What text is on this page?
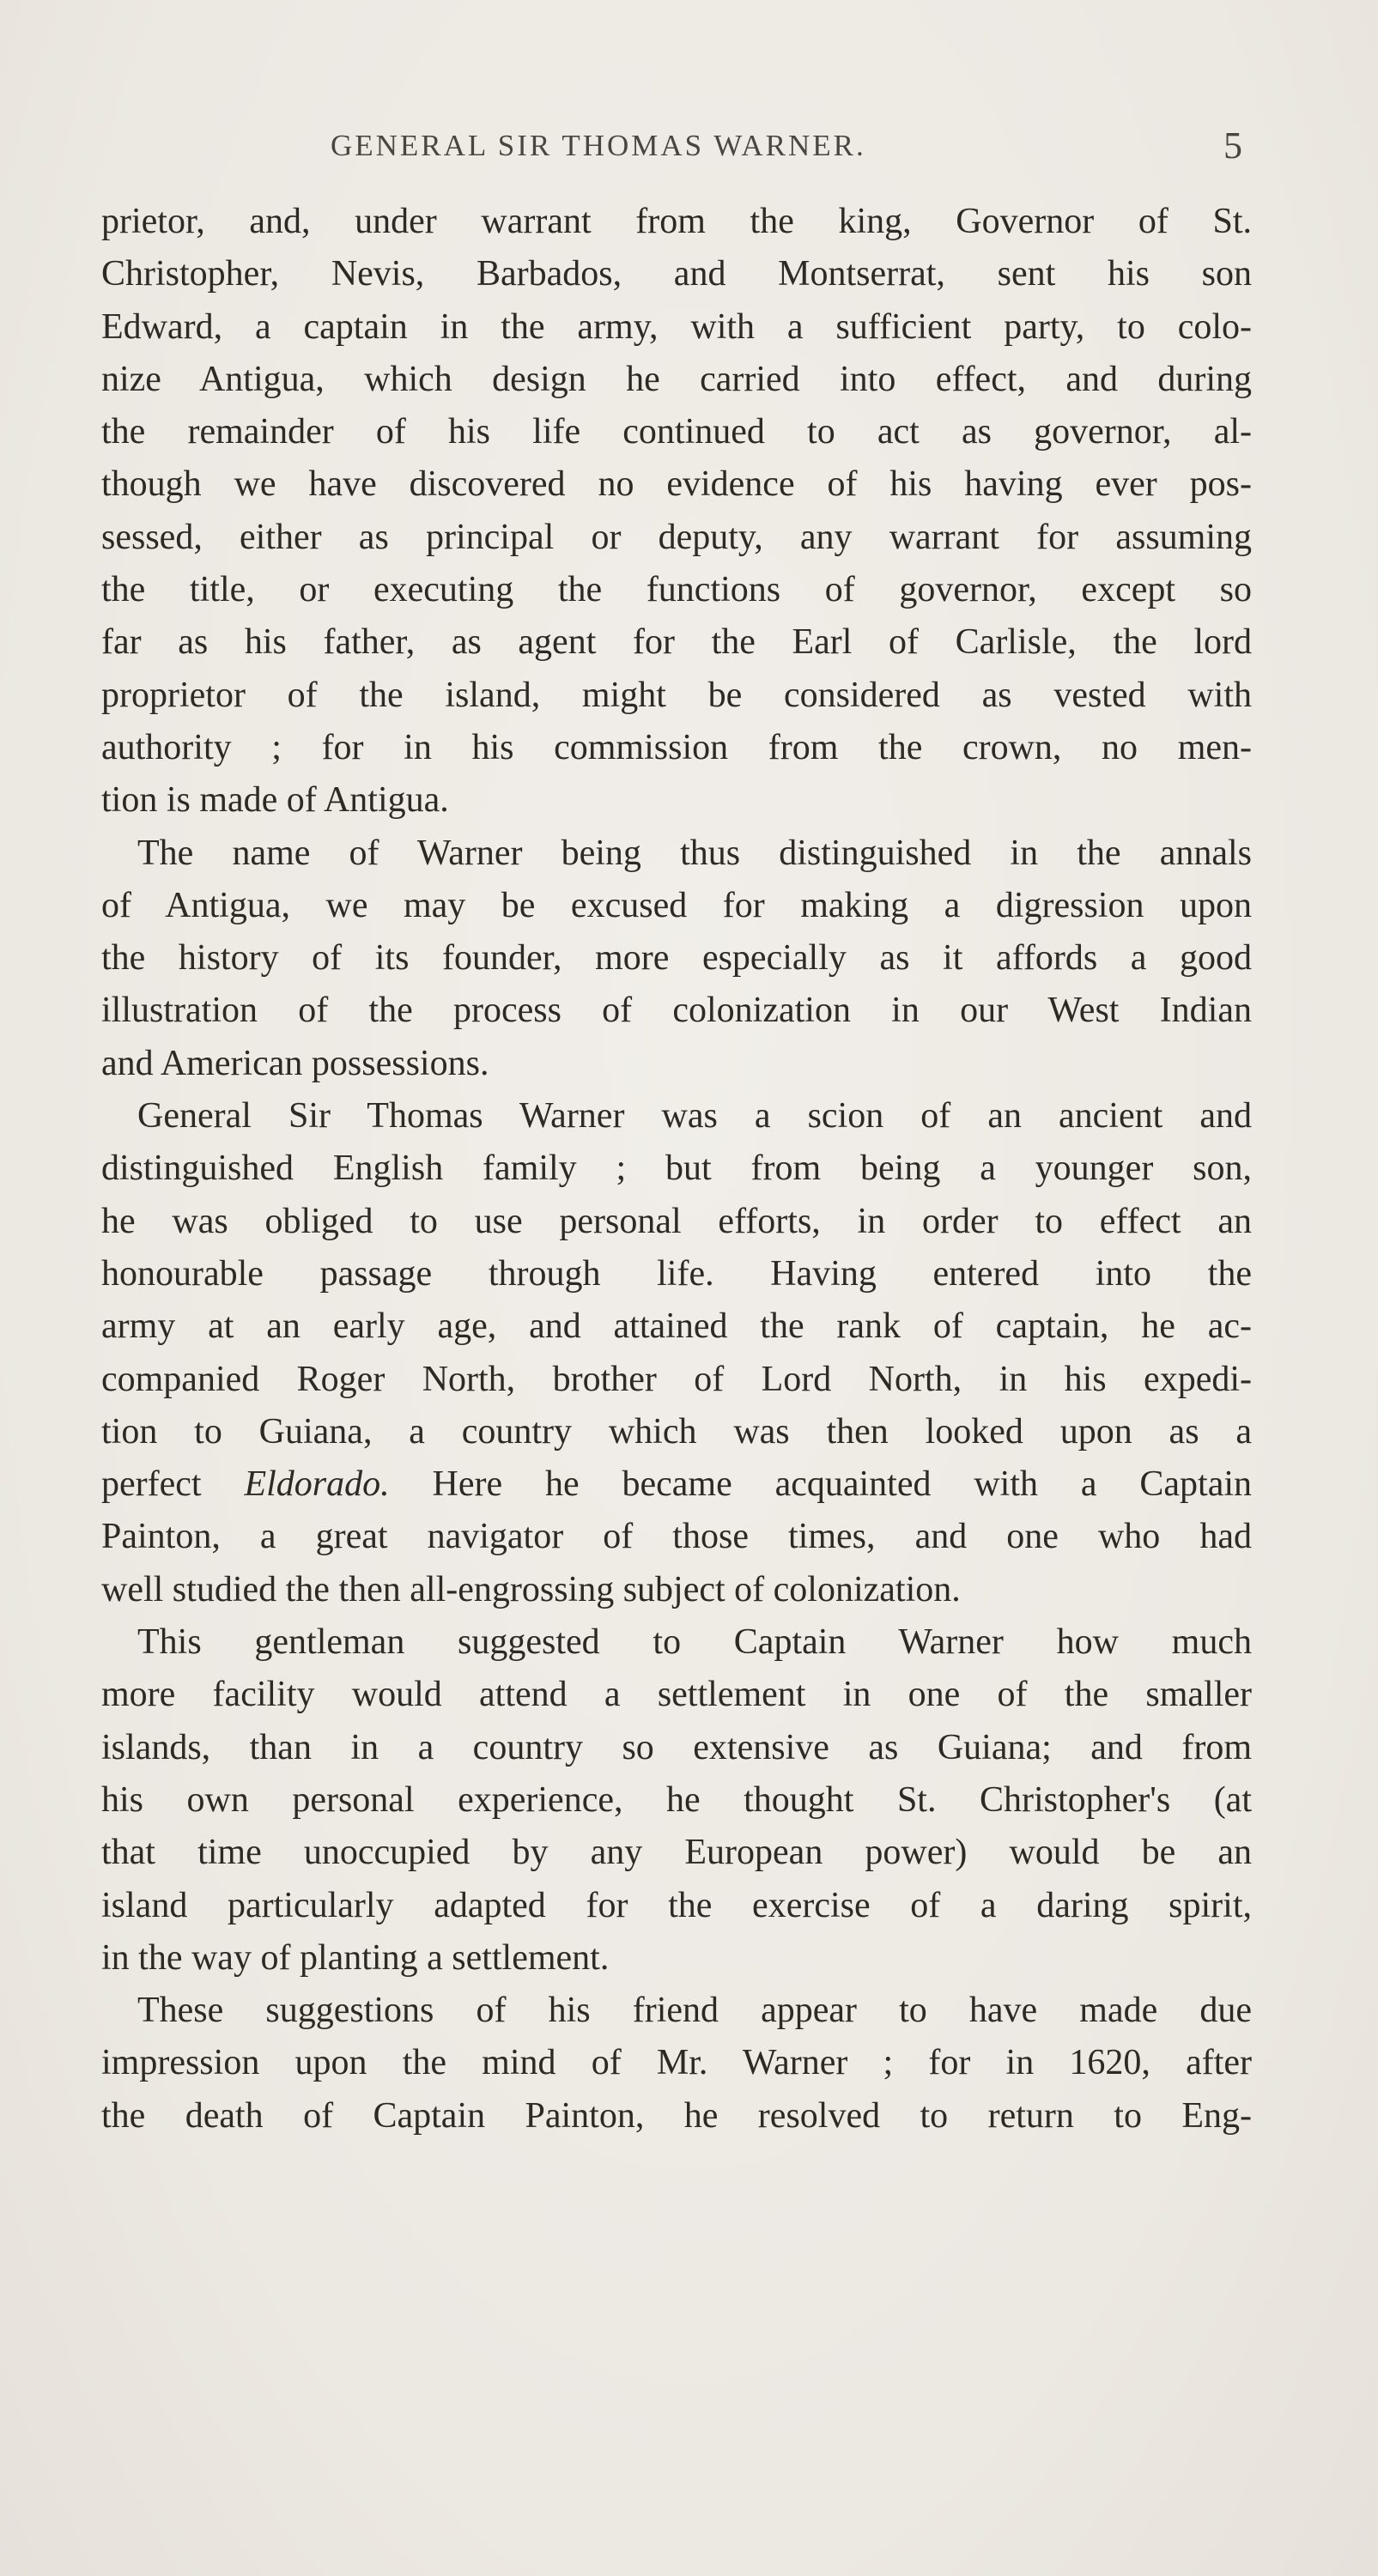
GENERAL SIR THOMAS WARNER.	5
prietor, and, under warrant from the king, Governor of St.
Christopher, Nevis, Barbados, and Montserrat, sent his son
Edward, a captain in the army, with a sufficient party, to colo-
nize Antigua, which design he carried into effect, and during
the remainder of his life continued to act as governor, al-
though we have discovered no evidence of his having ever pos-
sessed, either as principal or deputy, any warrant for assuming
the title, or executing the functions of governor, except so
far as his father, as agent for the Earl of Carlisle, the lord
proprietor of the island, might be considered as vested with
authority ; for in his commission from the crown, no men-
tion is made of Antigua.
The name of Warner being thus distinguished in the annals
of Antigua, we may be excused for making a digression upon
the history of its founder, more especially as it affords a good
illustration of the process of colonization in our West Indian
and American possessions.
General Sir Thomas Warner was a scion of an ancient and
distinguished English family ; but from being a younger son,
he was obliged to use personal efforts, in order to effect an
honourable passage through life. Having entered into the
army at an early age, and attained the rank of captain, he ac-
companied Roger North, brother of Lord North, in his expedi-
tion to Guiana, a country which was then looked upon as a
perfect Eldorado. Here he became acquainted with a Captain
Painton, a great navigator of those times, and one who had
well studied the then all-engrossing subject of colonization.
This gentleman suggested to Captain Warner how much
more facility would attend a settlement in one of the smaller
islands, than in a country so extensive as Guiana; and from
his own personal experience, he thought St. Christopher's (at
that time unoccupied by any European power) would be an
island particularly adapted for the exercise of a daring spirit,
in the way of planting a settlement.
These suggestions of his friend appear to have made due
impression upon the mind of Mr. Warner ; for in 1620, after
the death of Captain Painton, he resolved to return to Eng-
